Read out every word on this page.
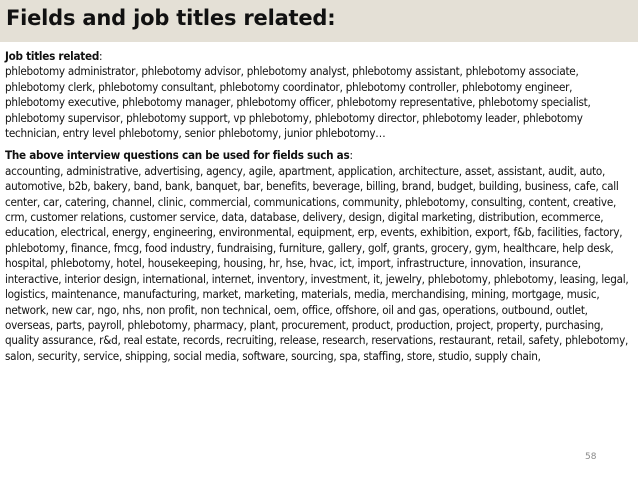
Fields and job titles related:

Job titles related:

phlebotomy administrator, phlebotomy advisor, phlebotomy analyst, phlebotomy assistant, phlebotomy associate, phlebotomy clerk, phlebotomy consultant, phlebotomy coordinator, phlebotomy controller, phlebotomy engineer, phlebotomy executive, phlebotomy manager, phlebotomy officer, phlebotomy representative, phlebotomy specialist, phlebotomy supervisor, phlebotomy support, vp phlebotomy, phlebotomy director, phlebotomy leader, phlebotomy technician, entry level phlebotomy, senior phlebotomy, junior phlebotomy…

The above interview questions can be used for fields such as:

accounting, administrative, advertising, agency, agile, apartment, application, architecture, asset, assistant, audit, auto, automotive, b2b, bakery, band, bank, banquet, bar, benefits, beverage, billing, brand, budget, building, business, cafe, call center, car, catering, channel, clinic, commercial, communications, community, phlebotomy, consulting, content, creative, crm, customer relations, customer service, data, database, delivery, design, digital marketing, distribution, ecommerce, education, electrical, energy, engineering, environmental, equipment, erp, events, exhibition, export, f&b, facilities, factory, phlebotomy, finance, fmcg, food industry, fundraising, furniture, gallery, golf, grants, grocery, gym, healthcare, help desk, hospital, phlebotomy, hotel, housekeeping, housing, hr, hse, hvac, ict, import, infrastructure, innovation, insurance, interactive, interior design, international, internet, inventory, investment, it, jewelry, phlebotomy, phlebotomy, leasing, legal, logistics, maintenance, manufacturing, market, marketing, materials, media, merchandising, mining, mortgage, music, network, new car, ngo, nhs, non profit, non technical, oem, office, offshore, oil and gas, operations, outbound, outlet, overseas, parts, payroll, phlebotomy, pharmacy, plant, procurement, product, production, project, property, purchasing, quality assurance, r&d, real estate, records, recruiting, release, research, reservations, restaurant, retail, safety, phlebotomy, salon, security, service, shipping, social media, software, sourcing, spa, staffing, store, studio, supply chain,

58
